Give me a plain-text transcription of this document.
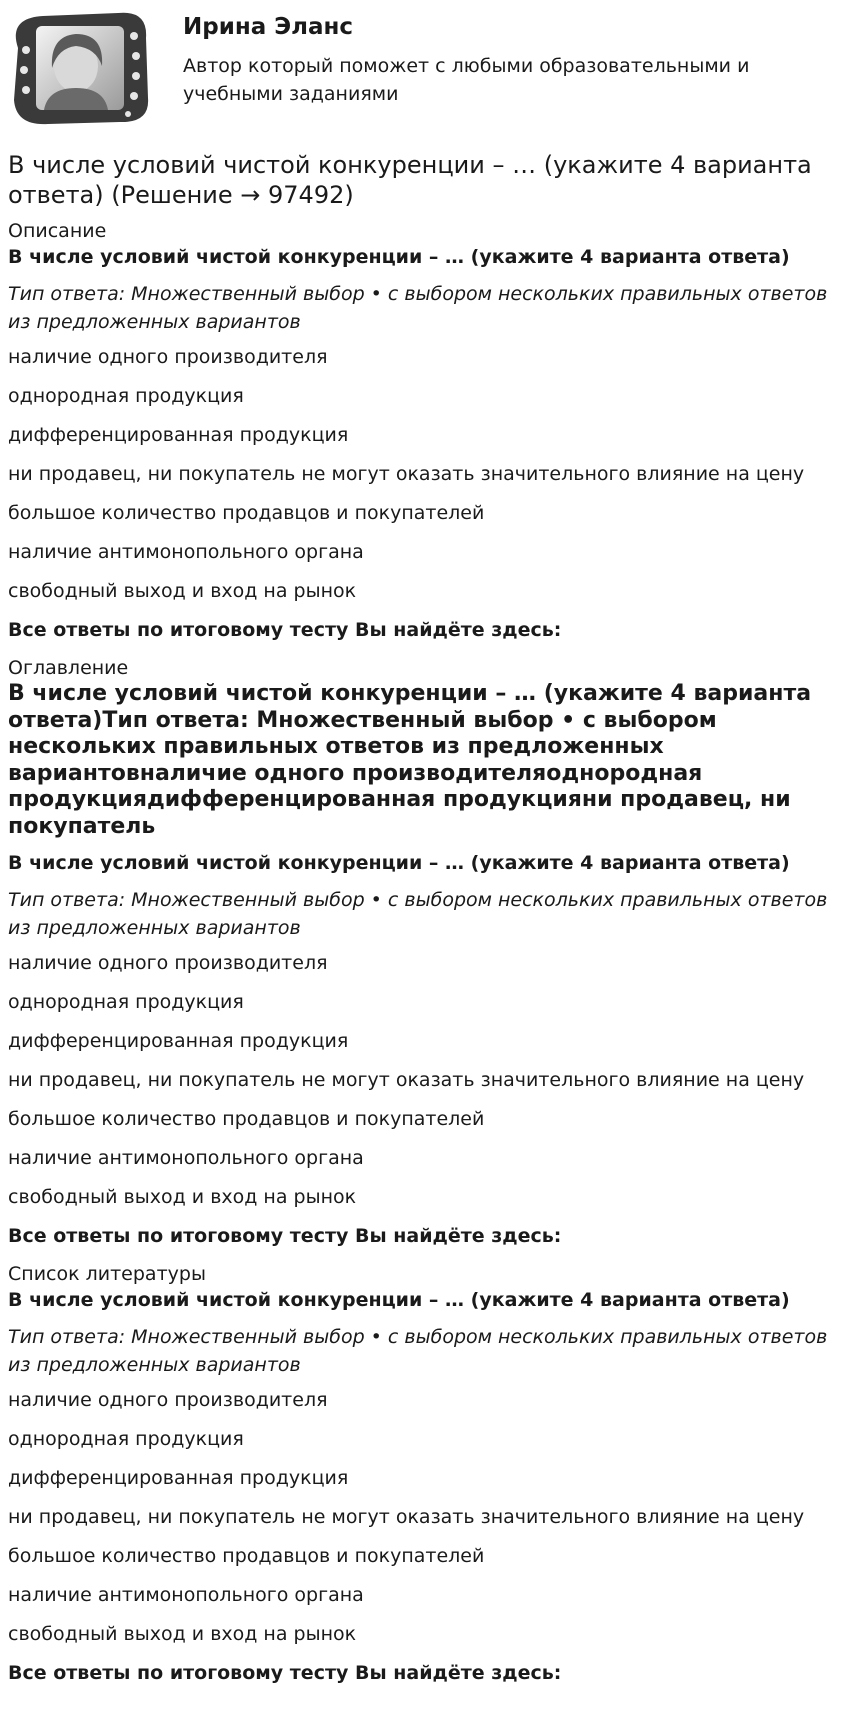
Ирина Эланс

Автор который поможет с любыми образовательными и учебными заданиями

В числе условий чистой конкуренции – … (укажите 4 варианта ответа) (Решение → 97492)

Описание

В числе условий чистой конкуренции – … (укажите 4 варианта ответа)

Тип ответа: Множественный выбор • с выбором нескольких правильных ответов из предложенных вариантов

наличие одного производителя

однородная продукция

дифференцированная продукция

ни продавец, ни покупатель не могут оказать значительного влияние на цену

большое количество продавцов и покупателей

наличие антимонопольного органа

свободный выход и вход на рынок

Все ответы по итоговому тесту Вы найдёте здесь:

Оглавление

В числе условий чистой конкуренции – … (укажите 4 варианта ответа)Тип ответа: Множественный выбор • с выбором нескольких правильных ответов из предложенных вариантовналичие одного производителяоднородная продукциядифференцированная продукцияни продавец, ни покупатель

В числе условий чистой конкуренции – … (укажите 4 варианта ответа)

Тип ответа: Множественный выбор • с выбором нескольких правильных ответов из предложенных вариантов

наличие одного производителя

однородная продукция

дифференцированная продукция

ни продавец, ни покупатель не могут оказать значительного влияние на цену

большое количество продавцов и покупателей

наличие антимонопольного органа

свободный выход и вход на рынок

Все ответы по итоговому тесту Вы найдёте здесь:

Список литературы

В числе условий чистой конкуренции – … (укажите 4 варианта ответа)

Тип ответа: Множественный выбор • с выбором нескольких правильных ответов из предложенных вариантов

наличие одного производителя

однородная продукция

дифференцированная продукция

ни продавец, ни покупатель не могут оказать значительного влияние на цену

большое количество продавцов и покупателей

наличие антимонопольного органа

свободный выход и вход на рынок

Все ответы по итоговому тесту Вы найдёте здесь:
